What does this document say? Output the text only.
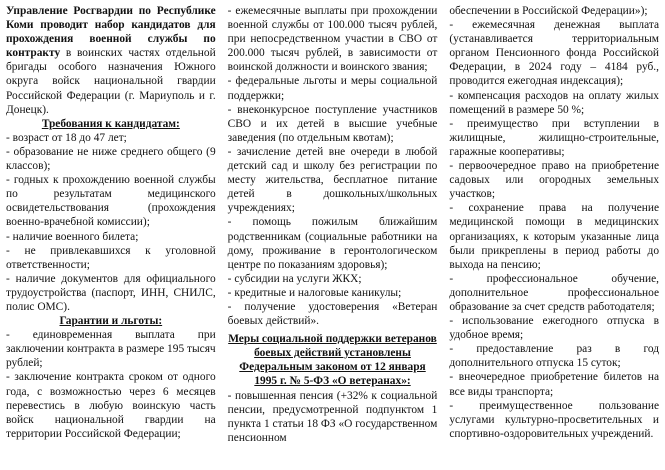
Управление Росгвардии по Республике Коми проводит набор кандидатов для прохождения военной службы по контракту в воинских частях отдельной бригады особого назначения Южного округа войск национальной гвардии Российской Федерации (г. Мариуполь и г. Донецк).

Требования к кандидатам:

- возраст от 18 до 47 лет;

- образование не ниже среднего общего (9 классов);

- годных к прохождению военной службы по результатам медицинского освидетельствования (прохождения военно-врачебной комиссии);

- наличие военного билета;

- не привлекавшихся к уголовной ответственности;

- наличие документов для официального трудоустройства (паспорт, ИНН, СНИЛС, полис ОМС).

Гарантии и льготы:

- единовременная выплата при заключении контракта в размере 195 тысяч рублей;

- заключение контракта сроком от одного года, с возможностью через 6 месяцев перевестись в любую воинскую часть войск национальной гвардии на территории Российской Федерации;

- ежемесячные выплаты при прохождении военной службы от 100.000 тысяч рублей, при непосредственном участии в СВО от 200.000 тысяч рублей, в зависимости от воинской должности и воинского звания;

- федеральные льготы и меры социальной поддержки;

- внеконкурсное поступление участников СВО и их детей в высшие учебные заведения (по отдельным квотам);

- зачисление детей вне очереди в любой детский сад и школу без регистрации по месту жительства, бесплатное питание детей в дошкольных/школьных учреждениях;

- помощь пожилым ближайшим родственникам (социальные работники на дому, проживание в геронтологическом центре по показаниям здоровья);

- субсидии на услуги ЖКХ;

- кредитные и налоговые каникулы;

- получение удостоверения «Ветеран боевых действий».

Меры социальной поддержки ветеранов боевых действий установлены Федеральным законом от 12 января 1995 г. № 5-ФЗ «О ветеранах»:

- повышенная пенсия (+32% к социальной пенсии, предусмотренной подпунктом 1 пункта 1 статьи 18 ФЗ «О государственном пенсионном

обеспечении в Российской Федерации»);

- ежемесячная денежная выплата (устанавливается территориальным органом Пенсионного фонда Российской Федерации, в 2024 году – 4184 руб., проводится ежегодная индексация);

- компенсация расходов на оплату жилых помещений в размере 50 %;

- преимущество при вступлении в жилищные, жилищно-строительные, гаражные кооперативы;

- первоочередное право на приобретение садовых или огородных земельных участков;

- сохранение права на получение медицинской помощи в медицинских организациях, к которым указанные лица были прикреплены в период работы до выхода на пенсию;

- профессиональное обучение, дополнительное профессиональное образование за счет средств работодателя;

- использование ежегодного отпуска в удобное время;

- предоставление раз в год дополнительного отпуска 15 суток;

- внеочередное приобретение билетов на все виды транспорта;

- преимущественное пользование услугами культурно-просветительных и спортивно-оздоровительных учреждений.
